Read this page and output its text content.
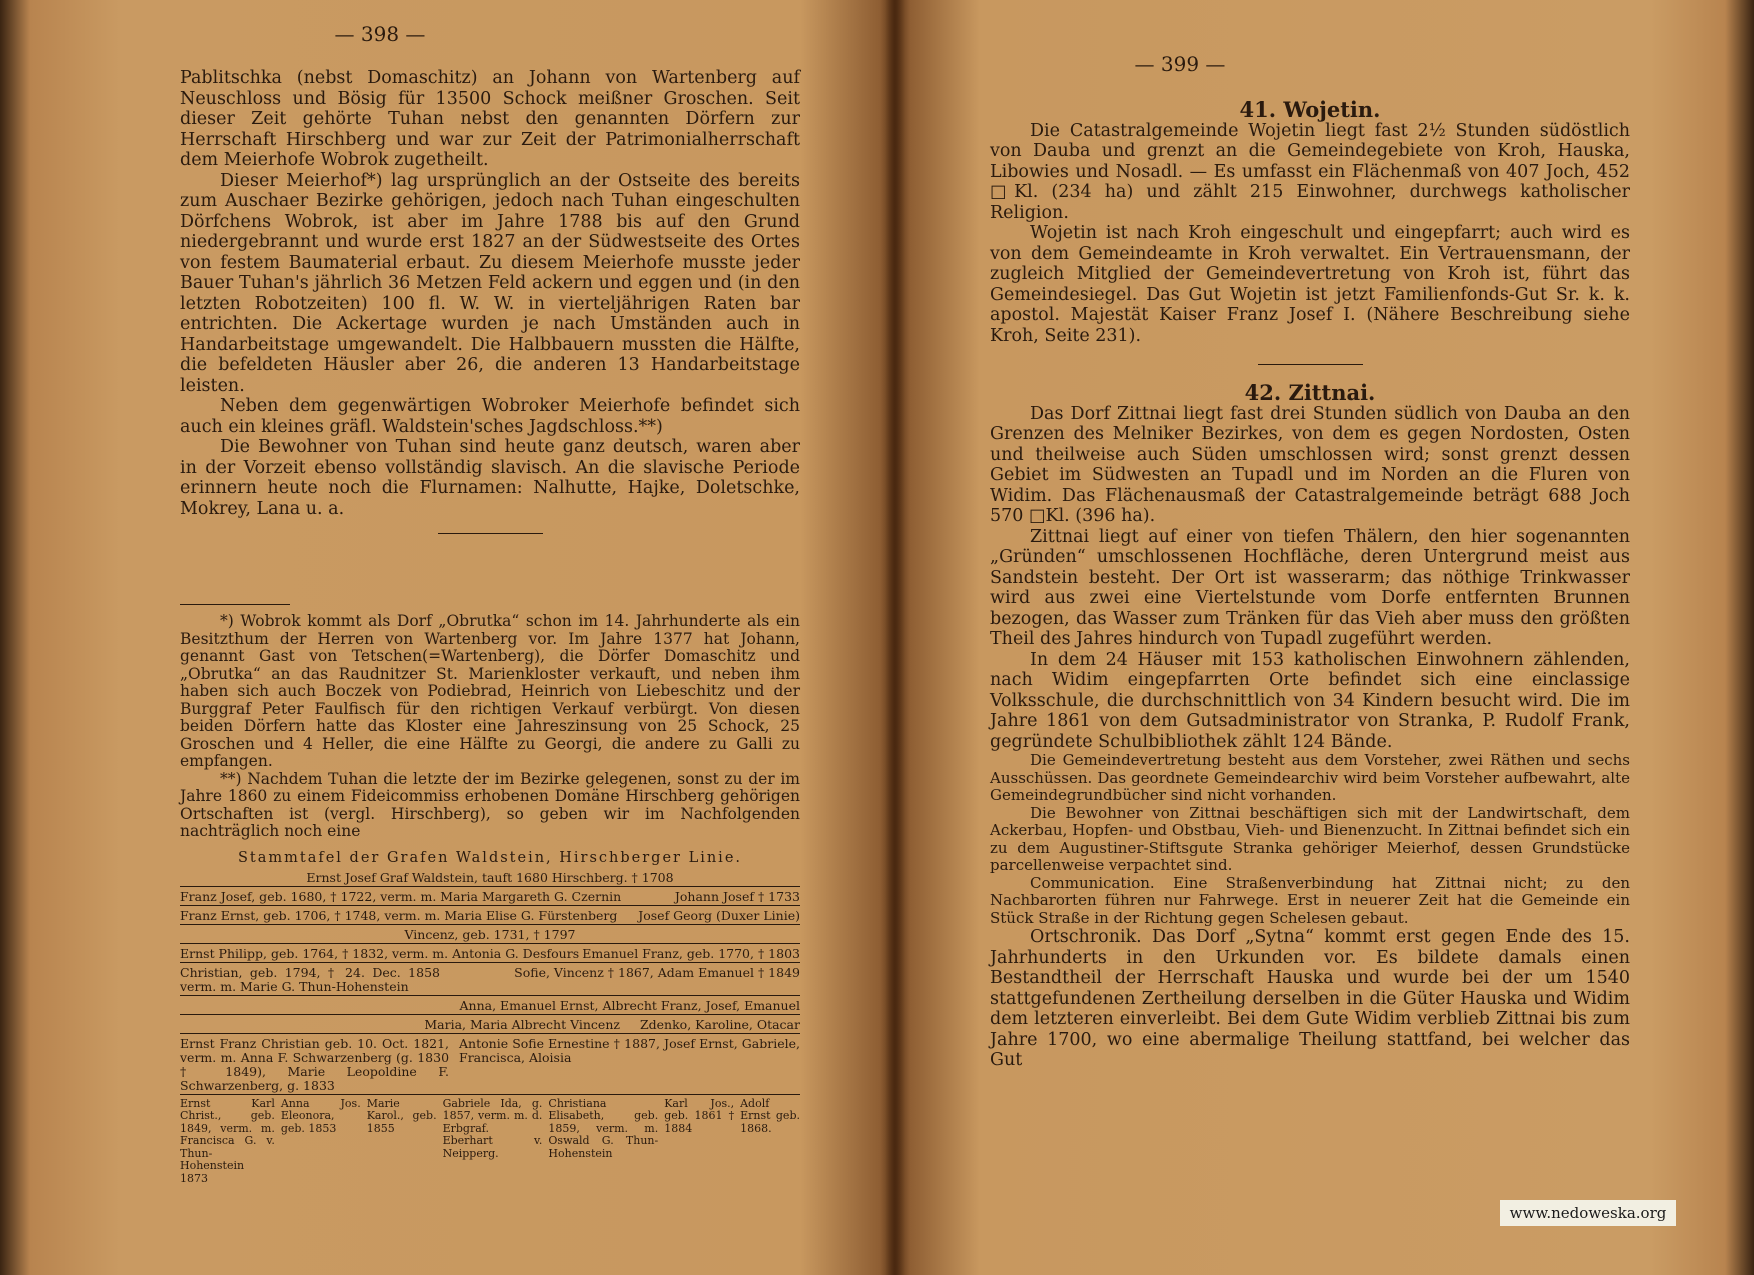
— 398 —

Pablitschka (nebst Domaschitz) an Johann von Wartenberg auf Neuschloss und Bösig für 13500 Schock meißner Groschen. Seit dieser Zeit gehörte Tuhan nebst den genannten Dörfern zur Herrschaft Hirschberg und war zur Zeit der Patrimonialherrschaft dem Meierhofe Wobrok zugetheilt.

Dieser Meierhof*) lag ursprünglich an der Ostseite des bereits zum Auschaer Bezirke gehörigen, jedoch nach Tuhan eingeschulten Dörfchens Wobrok, ist aber im Jahre 1788 bis auf den Grund niedergebrannt und wurde erst 1827 an der Südwestseite des Ortes von festem Baumaterial erbaut. Zu diesem Meierhofe musste jeder Bauer Tuhan's jährlich 36 Metzen Feld ackern und eggen und (in den letzten Robotzeiten) 100 fl. W. W. in vierteljährigen Raten bar entrichten. Die Ackertage wurden je nach Umständen auch in Handarbeitstage umgewandelt. Die Halbbauern mussten die Hälfte, die befeldeten Häusler aber 26, die anderen 13 Handarbeitstage leisten.

Neben dem gegenwärtigen Wobroker Meierhofe befindet sich auch ein kleines gräfl. Waldstein'sches Jagdschloss.**)

Die Bewohner von Tuhan sind heute ganz deutsch, waren aber in der Vorzeit ebenso vollständig slavisch. An die slavische Periode erinnern heute noch die Flurnamen: Nalhutte, Hajke, Doletschke, Mokrey, Lana u. a.

*) Wobrok kommt als Dorf „Obrutka“ schon im 14. Jahrhunderte als ein Besitzthum der Herren von Wartenberg vor. Im Jahre 1377 hat Johann, genannt Gast von Tetschen(=Wartenberg), die Dörfer Domaschitz und „Obrutka“ an das Raudnitzer St. Marienkloster verkauft, und neben ihm haben sich auch Boczek von Podiebrad, Heinrich von Liebeschitz und der Burggraf Peter Faulfisch für den richtigen Verkauf verbürgt. Von diesen beiden Dörfern hatte das Kloster eine Jahreszinsung von 25 Schock, 25 Groschen und 4 Heller, die eine Hälfte zu Georgi, die andere zu Galli zu empfangen.

**) Nachdem Tuhan die letzte der im Bezirke gelegenen, sonst zu der im Jahre 1860 zu einem Fideicommiss erhobenen Domäne Hirschberg gehörigen Ortschaften ist (vergl. Hirschberg), so geben wir im Nachfolgenden nachträglich noch eine

Stammtafel der Grafen Waldstein, Hirschberger Linie.
Ernst Josef Graf Waldstein, tauft 1680 Hirschberg. † 1708
Franz Josef, geb. 1680, † 1722, verm. m. Maria Margareth G. Czernin	Johann Josef † 1733
Franz Ernst, geb. 1706, † 1748, verm. m. Maria Elise G. Fürstenberg Josef Georg (Duxer Linie)
Vincenz, geb. 1731, † 1797
Ernst Philipp, geb. 1764, † 1832, verm. m. Antonia G. Desfours Emanuel Franz, geb. 1770, † 1803
Christian, geb. 1794, † 24. Dec. 1858 verm. m. Marie G. Thun-Hohenstein
Sofie, Vincenz † 1867, Adam Emanuel † 1849
Anna, Emanuel Ernst, Albrecht Franz, Josef, Emanuel
Maria, Maria Albrecht Vincenz Zdenko, Karoline, Otacar
Ernst Franz Christian geb. 10. Oct. 1821, verm. m. Anna F. Schwarzenberg (g. 1830 † 1849), Marie Leopoldine F. Schwarzenberg, g. 1833
Antonie Sofie Ernestine † 1887, Josef Ernst, Gabriele, Francisca, Aloisia
Ernst Karl Christ., geb. 1849, verm. m. Francisca G. v. Thun-Hohenstein 1873
Anna Jos. Eleonora, geb. 1853
Marie Karol., geb. 1855
Gabriele Ida, g. 1857, verm. m. d. Erbgraf. Eberhart v. Neipperg.
Christiana Elisabeth, geb. 1859, verm. m. Oswald G. Thun-Hohenstein
Karl Jos., geb. 1861 † 1884
Adolf Ernst geb. 1868.
— 399 —
41. Wojetin.

Die Catastralgemeinde Wojetin liegt fast 2½ Stunden südöstlich von Dauba und grenzt an die Gemeindegebiete von Kroh, Hauska, Libowies und Nosadl. — Es umfasst ein Flächenmaß von 407 Joch, 452 □Kl. (234 ha) und zählt 215 Einwohner, durchwegs katholischer Religion.

Wojetin ist nach Kroh eingeschult und eingepfarrt; auch wird es von dem Gemeindeamte in Kroh verwaltet. Ein Vertrauensmann, der zugleich Mitglied der Gemeindevertretung von Kroh ist, führt das Gemeindesiegel. Das Gut Wojetin ist jetzt Familienfonds-Gut Sr. k. k. apostol. Majestät Kaiser Franz Josef I. (Nähere Beschreibung siehe Kroh, Seite 231).

42. Zittnai.

Das Dorf Zittnai liegt fast drei Stunden südlich von Dauba an den Grenzen des Melniker Bezirkes, von dem es gegen Nordosten, Osten und theilweise auch Süden umschlossen wird; sonst grenzt dessen Gebiet im Südwesten an Tupadl und im Norden an die Fluren von Widim. Das Flächenausmaß der Catastralgemeinde beträgt 688 Joch 570 □Kl. (396 ha).

Zittnai liegt auf einer von tiefen Thälern, den hier sogenannten „Gründen“ umschlossenen Hochfläche, deren Untergrund meist aus Sandstein besteht. Der Ort ist wasserarm; das nöthige Trinkwasser wird aus zwei eine Viertelstunde vom Dorfe entfernten Brunnen bezogen, das Wasser zum Tränken für das Vieh aber muss den größten Theil des Jahres hindurch von Tupadl zugeführt werden.

In dem 24 Häuser mit 153 katholischen Einwohnern zählenden, nach Widim eingepfarrten Orte befindet sich eine einclassige Volksschule, die durchschnittlich von 34 Kindern besucht wird. Die im Jahre 1861 von dem Gutsadministrator von Stranka, P. Rudolf Frank, gegründete Schulbibliothek zählt 124 Bände.

Die Gemeindevertretung besteht aus dem Vorsteher, zwei Räthen und sechs Ausschüssen. Das geordnete Gemeindearchiv wird beim Vorsteher aufbewahrt, alte Gemeindegrundbücher sind nicht vorhanden.

Die Bewohner von Zittnai beschäftigen sich mit der Landwirtschaft, dem Ackerbau, Hopfen- und Obstbau, Vieh- und Bienenzucht. In Zittnai befindet sich ein zu dem Augustiner-Stiftsgute Stranka gehöriger Meierhof, dessen Grundstücke parcellenweise verpachtet sind.

Communication. Eine Straßenverbindung hat Zittnai nicht; zu den Nachbarorten führen nur Fahrwege. Erst in neuerer Zeit hat die Gemeinde ein Stück Straße in der Richtung gegen Schelesen gebaut.

Ortschronik. Das Dorf „Sytna“ kommt erst gegen Ende des 15. Jahrhunderts in den Urkunden vor. Es bildete damals einen Bestandtheil der Herrschaft Hauska und wurde bei der um 1540 stattgefundenen Zertheilung derselben in die Güter Hauska und Widim dem letzteren einverleibt. Bei dem Gute Widim verblieb Zittnai bis zum Jahre 1700, wo eine abermalige Theilung stattfand, bei welcher das Gut

www.nedoweska.org
